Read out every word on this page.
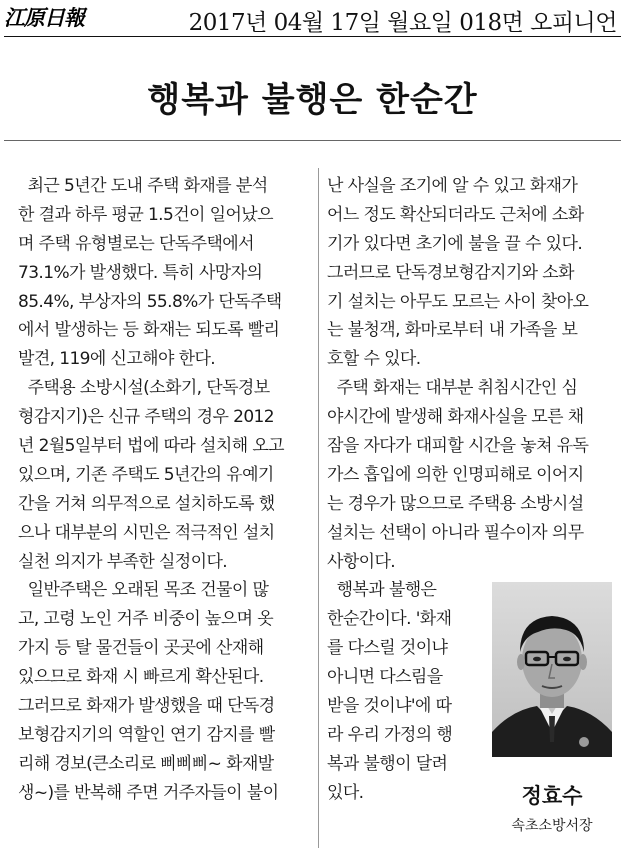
江原日報	2017년 04월 17일 월요일 018면 오피니언
행복과 불행은 한순간
최근 5년간 도내 주택 화재를 분석
한 결과 하루 평균 1.5건이 일어났으
며 주택 유형별로는 단독주택에서
73.1%가 발생했다. 특히 사망자의
85.4%, 부상자의 55.8%가 단독주택
에서 발생하는 등 화재는 되도록 빨리
발견, 119에 신고해야 한다.
주택용 소방시설(소화기, 단독경보
형감지기)은 신규 주택의 경우 2012
년 2월5일부터 법에 따라 설치해 오고
있으며, 기존 주택도 5년간의 유예기
간을 거쳐 의무적으로 설치하도록 했
으나 대부분의 시민은 적극적인 설치
실천 의지가 부족한 실정이다.
일반주택은 오래된 목조 건물이 많
고, 고령 노인 거주 비중이 높으며 옷
가지 등 탈 물건들이 곳곳에 산재해
있으므로 화재 시 빠르게 확산된다.
그러므로 화재가 발생했을 때 단독경
보형감지기의 역할인 연기 감지를 빨
리해 경보(큰소리로 삐삐삐~ 화재발
생~)를 반복해 주면 거주자들이 불이
난 사실을 조기에 알 수 있고 화재가
어느 정도 확산되더라도 근처에 소화
기가 있다면 초기에 불을 끌 수 있다.
그러므로 단독경보형감지기와 소화
기 설치는 아무도 모르는 사이 찾아오
는 불청객, 화마로부터 내 가족을 보
호할 수 있다.
주택 화재는 대부분 취침시간인 심
야시간에 발생해 화재사실을 모른 채
잠을 자다가 대피할 시간을 놓쳐 유독
가스 흡입에 의한 인명피해로 이어지
는 경우가 많으므로 주택용 소방시설
설치는 선택이 아니라 필수이자 의무
사항이다.
행복과 불행은
한순간이다. '화재
를 다스릴 것이냐
아니면 다스림을
받을 것이냐'에 따
라 우리 가정의 행
복과 불행이 달려
있다.	정효수
속초소방서장
